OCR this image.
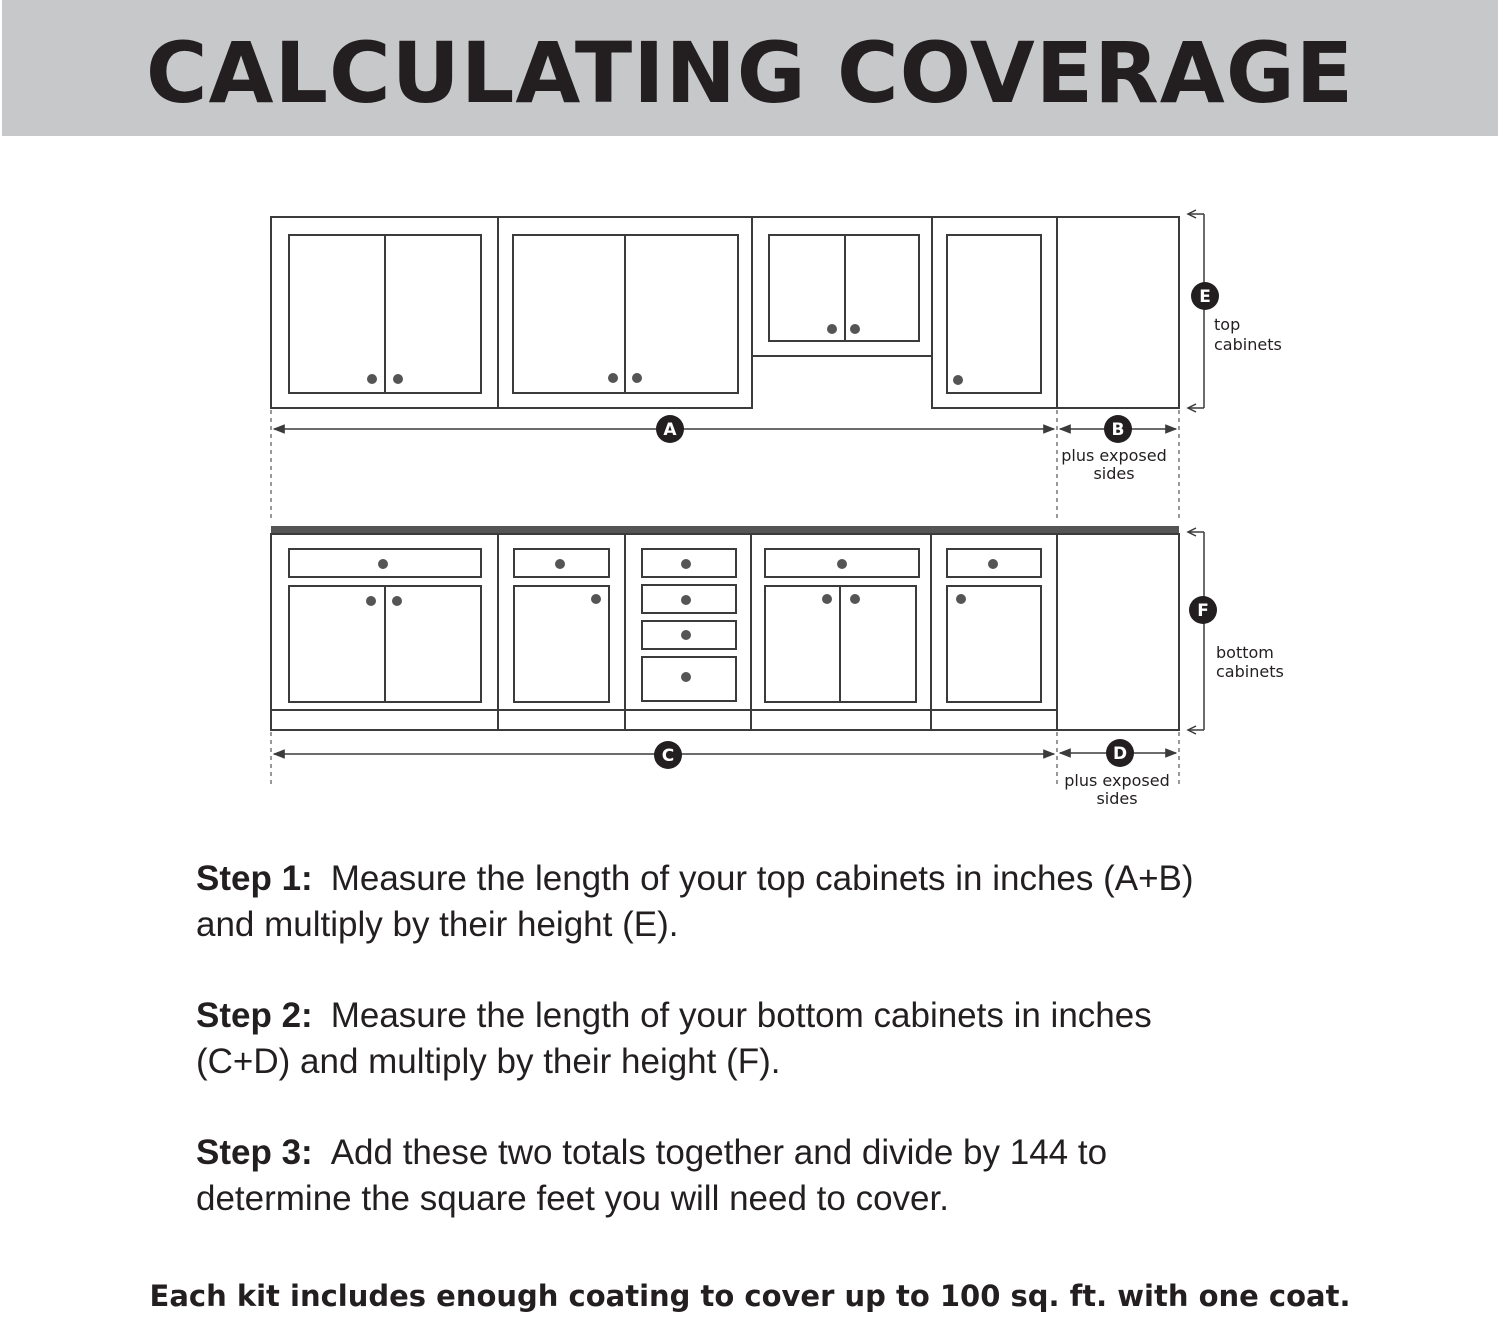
CALCULATING COVERAGE
E
top
cabinets
A	B
plus exposed
sides
F
bottom
cabinets
C	D
plus exposed
sides
Step 1: Measure the length of your top cabinets in inches (A+B)
and multiply by their height (E).
Step 2: Measure the length of your bottom cabinets in inches
(C+D) and multiply by their height (F).
Step 3: Add these two totals together and divide by 144 to
determine the square feet you will need to cover.
Each kit includes enough coating to cover up to 100 sq. ft. with one coat.
